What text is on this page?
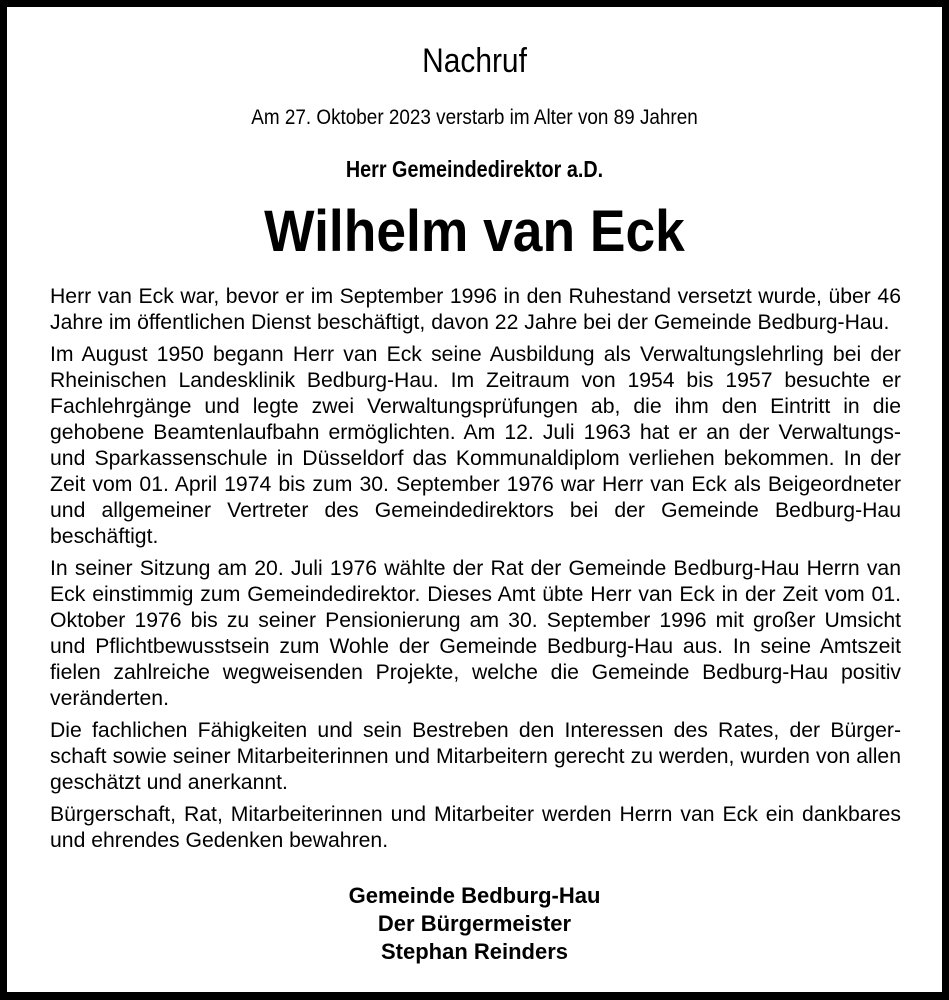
Nachruf
Am 27. Oktober 2023 verstarb im Alter von 89 Jahren
Herr Gemeindedirektor a.D.
Wilhelm van Eck

Herr van Eck war, bevor er im September 1996 in den Ruhestand versetzt wurde, über 46 Jahre im öffentlichen Dienst beschäftigt, davon 22 Jahre bei der Gemeinde Bedburg-Hau.

Im August 1950 begann Herr van Eck seine Ausbildung als Verwaltungslehrling bei der Rheinischen Landesklinik Bedburg-Hau. Im Zeitraum von 1954 bis 1957 besuchte er Fachlehrgänge und legte zwei Verwaltungsprüfungen ab, die ihm den Eintritt in die gehobene Beamtenlaufbahn ermöglichten. Am 12. Juli 1963 hat er an der Verwaltungs- und Sparkassenschule in Düsseldorf das Kommunaldiplom verliehen bekommen. In der Zeit vom 01. April 1974 bis zum 30. September 1976 war Herr van Eck als Beigeordneter und allgemeiner Vertreter des Gemeindedirektors bei der Gemeinde Bedburg-Hau beschäftigt.

In seiner Sitzung am 20. Juli 1976 wählte der Rat der Gemeinde Bedburg-Hau Herrn van Eck einstimmig zum Gemeindedirektor. Dieses Amt übte Herr van Eck in der Zeit vom 01. Oktober 1976 bis zu seiner Pensionierung am 30. September 1996 mit großer Umsicht und Pflichtbewusstsein zum Wohle der Gemeinde Bedburg-Hau aus. In seine Amtszeit fielen zahlreiche wegweisenden Projekte, welche die Gemeinde Bedburg-Hau positiv veränderten.

Die fachlichen Fähigkeiten und sein Bestreben den Interessen des Rates, der Bürgerschaft sowie seiner Mitarbeiterinnen und Mitarbeitern gerecht zu werden, wurden von allen geschätzt und anerkannt.

Bürgerschaft, Rat, Mitarbeiterinnen und Mitarbeiter werden Herrn van Eck ein dankbares und ehrendes Gedenken bewahren.

Gemeinde Bedburg-Hau
Der Bürgermeister
Stephan Reinders
